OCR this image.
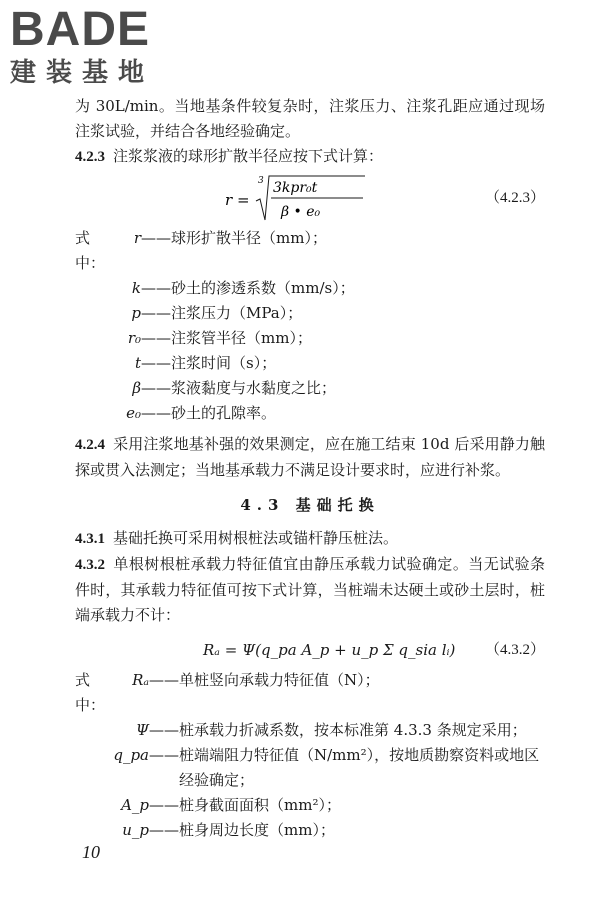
BADE
建装基地

为 30L/min。当地基条件较复杂时，注浆压力、注浆孔距应通过现场注浆试验，并结合各地经验确定。

4.2.3 注浆浆液的球形扩散半径应按下式计算：

r =
3 3kpr₀t
β • e₀
（4.2.3）
式中：
r —— 球形扩散半径（mm）；
k —— 砂土的渗透系数（mm/s）；
p —— 注浆压力（MPa）；
r₀ —— 注浆管半径（mm）；
t —— 注浆时间（s）；
β —— 浆液黏度与水黏度之比；
e₀ —— 砂土的孔隙率。

4.2.4 采用注浆地基补强的效果测定，应在施工结束 10d 后采用静力触探或贯入法测定；当地基承载力不满足设计要求时，应进行补浆。

4.3 基础托换

4.3.1 基础托换可采用树根桩法或锚杆静压桩法。

4.3.2 单根树根桩承载力特征值宜由静压承载力试验确定。当无试验条件时，其承载力特征值可按下式计算，当桩端未达硬土或砂土层时，桩端承载力不计：

Rₐ = Ψ(q_pa A_p + u_p Σ q_sia lᵢ) （4.3.2）
式中：
Rₐ —— 单桩竖向承载力特征值（N）；
Ψ —— 桩承载力折减系数，按本标准第 4.3.3 条规定采用；
q_pa —— 桩端端阻力特征值（N/mm²），按地质勘察资料或地区经验确定；
A_p —— 桩身截面面积（mm²）；
u_p —— 桩身周边长度（mm）；
10
